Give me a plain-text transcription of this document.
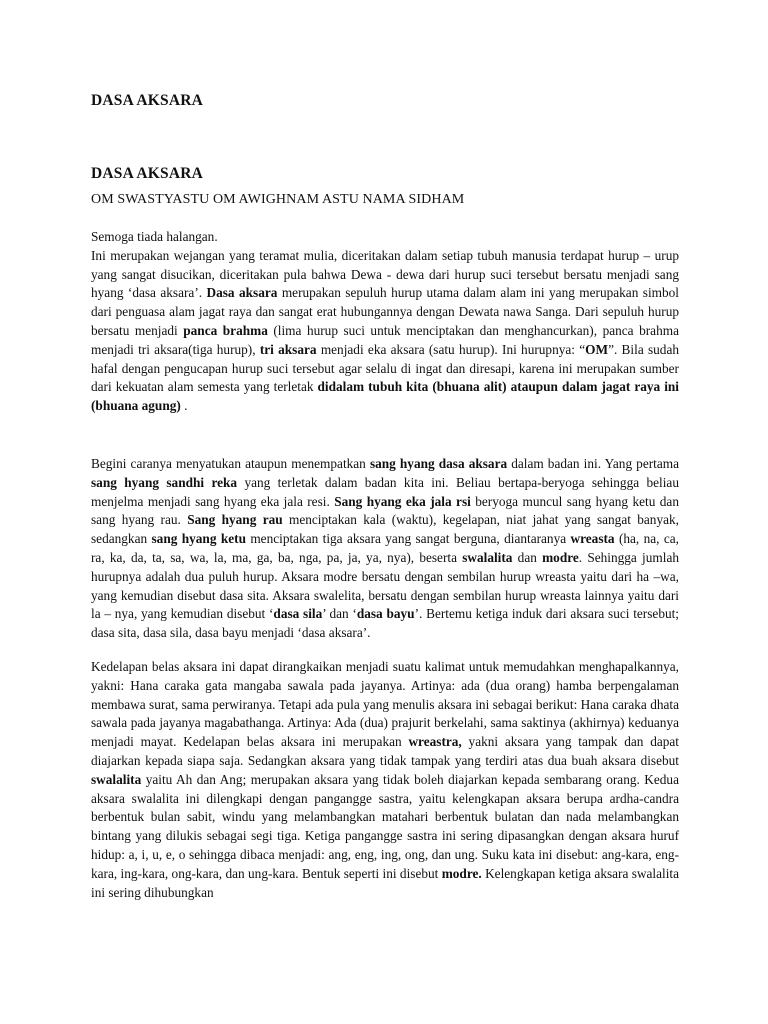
DASA AKSARA
DASA AKSARA
OM SWASTYASTU OM AWIGHNAM ASTU NAMA SIDHAM

Semoga tiada halangan.

Ini merupakan wejangan yang teramat mulia, diceritakan dalam setiap tubuh manusia terdapat hurup – urup yang sangat disucikan, diceritakan pula bahwa Dewa - dewa dari hurup suci tersebut bersatu menjadi sang hyang ‘dasa aksara’. Dasa aksara merupakan sepuluh hurup utama dalam alam ini yang merupakan simbol dari penguasa alam jagat raya dan sangat erat hubungannya dengan Dewata nawa Sanga. Dari sepuluh hurup bersatu menjadi panca brahma (lima hurup suci untuk menciptakan dan menghancurkan), panca brahma menjadi tri aksara(tiga hurup), tri aksara menjadi eka aksara (satu hurup). Ini hurupnya: “OM”. Bila sudah hafal dengan pengucapan hurup suci tersebut agar selalu di ingat dan diresapi, karena ini merupakan sumber dari kekuatan alam semesta yang terletak didalam tubuh kita (bhuana alit) ataupun dalam jagat raya ini (bhuana agung) .

Begini caranya menyatukan ataupun menempatkan sang hyang dasa aksara dalam badan ini. Yang pertama sang hyang sandhi reka yang terletak dalam badan kita ini. Beliau bertapa-beryoga sehingga beliau menjelma menjadi sang hyang eka jala resi. Sang hyang eka jala rsi beryoga muncul sang hyang ketu dan sang hyang rau. Sang hyang rau menciptakan kala (waktu), kegelapan, niat jahat yang sangat banyak, sedangkan sang hyang ketu menciptakan tiga aksara yang sangat berguna, diantaranya wreasta (ha, na, ca, ra, ka, da, ta, sa, wa, la, ma, ga, ba, nga, pa, ja, ya, nya), beserta swalalita dan modre. Sehingga jumlah hurupnya adalah dua puluh hurup. Aksara modre bersatu dengan sembilan hurup wreasta yaitu dari ha –wa, yang kemudian disebut dasa sita. Aksara swalelita, bersatu dengan sembilan hurup wreasta lainnya yaitu dari la – nya, yang kemudian disebut ‘dasa sila’ dan ‘dasa bayu’. Bertemu ketiga induk dari aksara suci tersebut; dasa sita, dasa sila, dasa bayu menjadi ‘dasa aksara’.

Kedelapan belas aksara ini dapat dirangkaikan menjadi suatu kalimat untuk memudahkan menghapalkannya, yakni: Hana caraka gata mangaba sawala pada jayanya. Artinya: ada (dua orang) hamba berpengalaman membawa surat, sama perwiranya. Tetapi ada pula yang menulis aksara ini sebagai berikut: Hana caraka dhata sawala pada jayanya magabathanga. Artinya: Ada (dua) prajurit berkelahi, sama saktinya (akhirnya) keduanya menjadi mayat. Kedelapan belas aksara ini merupakan wreastra, yakni aksara yang tampak dan dapat diajarkan kepada siapa saja. Sedangkan aksara yang tidak tampak yang terdiri atas dua buah aksara disebut swalalita yaitu Ah dan Ang; merupakan aksara yang tidak boleh diajarkan kepada sembarang orang. Kedua aksara swalalita ini dilengkapi dengan pangangge sastra, yaitu kelengkapan aksara berupa ardha-candra berbentuk bulan sabit, windu yang melambangkan matahari berbentuk bulatan dan nada melambangkan bintang yang dilukis sebagai segi tiga. Ketiga pangangge sastra ini sering dipasangkan dengan aksara huruf hidup: a, i, u, e, o sehingga dibaca menjadi: ang, eng, ing, ong, dan ung. Suku kata ini disebut: ang-kara, eng-kara, ing-kara, ong-kara, dan ung-kara. Bentuk seperti ini disebut modre. Kelengkapan ketiga aksara swalalita ini sering dihubungkan
